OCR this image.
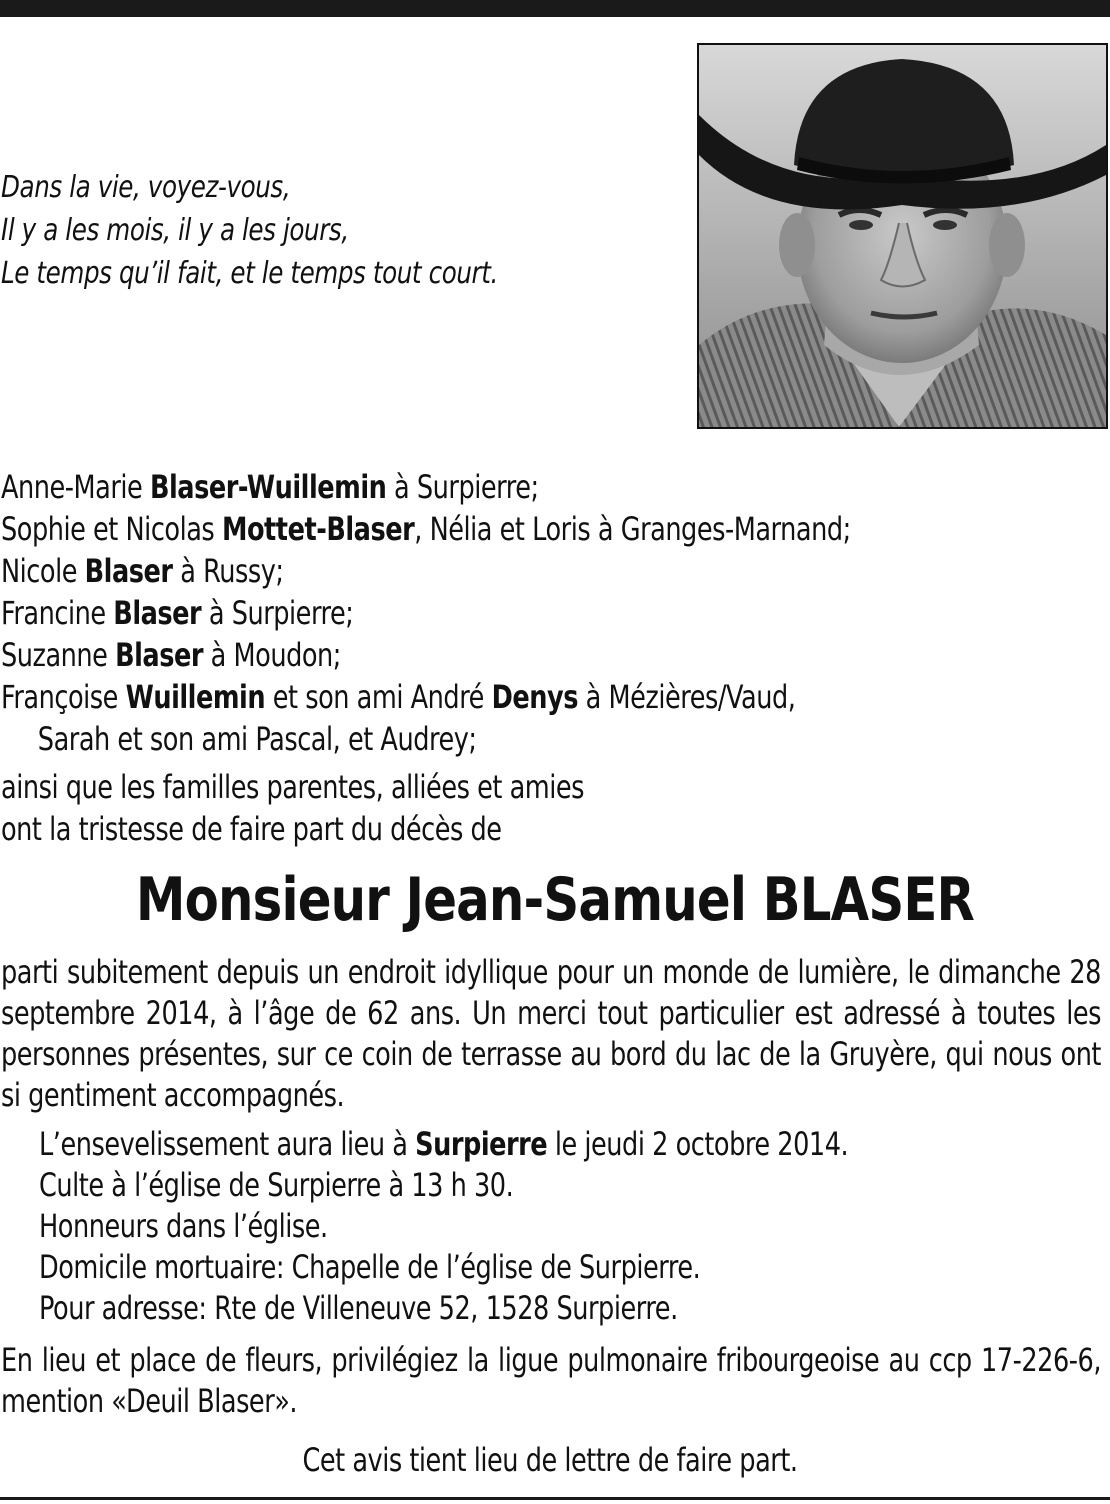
Dans la vie, voyez-vous,
Il y a les mois, il y a les jours,
Le temps qu’il fait, et le temps tout court.
Anne-Marie Blaser-Wuillemin à Surpierre;
Sophie et Nicolas Mottet-Blaser, Nélia et Loris à Granges-Marnand;
Nicole Blaser à Russy;
Francine Blaser à Surpierre;
Suzanne Blaser à Moudon;
Françoise Wuillemin et son ami André Denys à Mézières/Vaud,
Sarah et son ami Pascal, et Audrey;
ainsi que les familles parentes, alliées et amies
ont la tristesse de faire part du décès de
Monsieur Jean-Samuel BLASER
parti subitement depuis un endroit idyllique pour un monde de lumière, le dimanche 28 septembre 2014, à l’âge de 62 ans. Un merci tout particulier est adressé à toutes les personnes présentes, sur ce coin de terrasse au bord du lac de la Gruyère, qui nous ont si gentiment accompagnés.
L’ensevelissement aura lieu à Surpierre le jeudi 2 octobre 2014.
Culte à l’église de Surpierre à 13 h 30.
Honneurs dans l’église.
Domicile mortuaire: Chapelle de l’église de Surpierre.
Pour adresse: Rte de Villeneuve 52, 1528 Surpierre.
En lieu et place de fleurs, privilégiez la ligue pulmonaire fribourgeoise au ccp 17-226-6, mention «Deuil Blaser».
Cet avis tient lieu de lettre de faire part.
